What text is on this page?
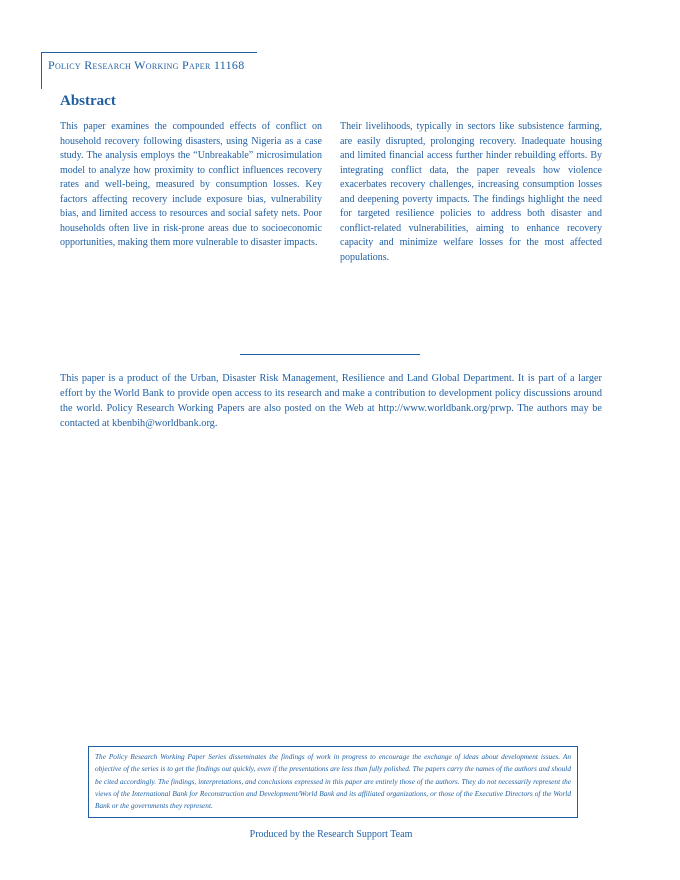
Policy Research Working Paper 11168
Abstract
This paper examines the compounded effects of conflict on household recovery following disasters, using Nigeria as a case study. The analysis employs the “Unbreakable” microsimulation model to analyze how proximity to conflict influences recovery rates and well-being, measured by consumption losses. Key factors affecting recovery include exposure bias, vulnerability bias, and limited access to resources and social safety nets. Poor households often live in risk-prone areas due to socioeconomic opportunities, making them more vulnerable to disaster impacts.
Their livelihoods, typically in sectors like subsistence farming, are easily disrupted, prolonging recovery. Inadequate housing and limited financial access further hinder rebuilding efforts. By integrating conflict data, the paper reveals how violence exacerbates recovery challenges, increasing consumption losses and deepening poverty impacts. The findings highlight the need for targeted resilience policies to address both disaster and conflict-related vulnerabilities, aiming to enhance recovery capacity and minimize welfare losses for the most affected populations.
This paper is a product of the Urban, Disaster Risk Management, Resilience and Land Global Department. It is part of a larger effort by the World Bank to provide open access to its research and make a contribution to development policy discussions around the world. Policy Research Working Papers are also posted on the Web at http://www.worldbank.org/prwp. The authors may be contacted at kbenbih@worldbank.org.
The Policy Research Working Paper Series disseminates the findings of work in progress to encourage the exchange of ideas about development issues. An objective of the series is to get the findings out quickly, even if the presentations are less than fully polished. The papers carry the names of the authors and should be cited accordingly. The findings, interpretations, and conclusions expressed in this paper are entirely those of the authors. They do not necessarily represent the views of the International Bank for Reconstruction and Development/World Bank and its affiliated organizations, or those of the Executive Directors of the World Bank or the governments they represent.
Produced by the Research Support Team
